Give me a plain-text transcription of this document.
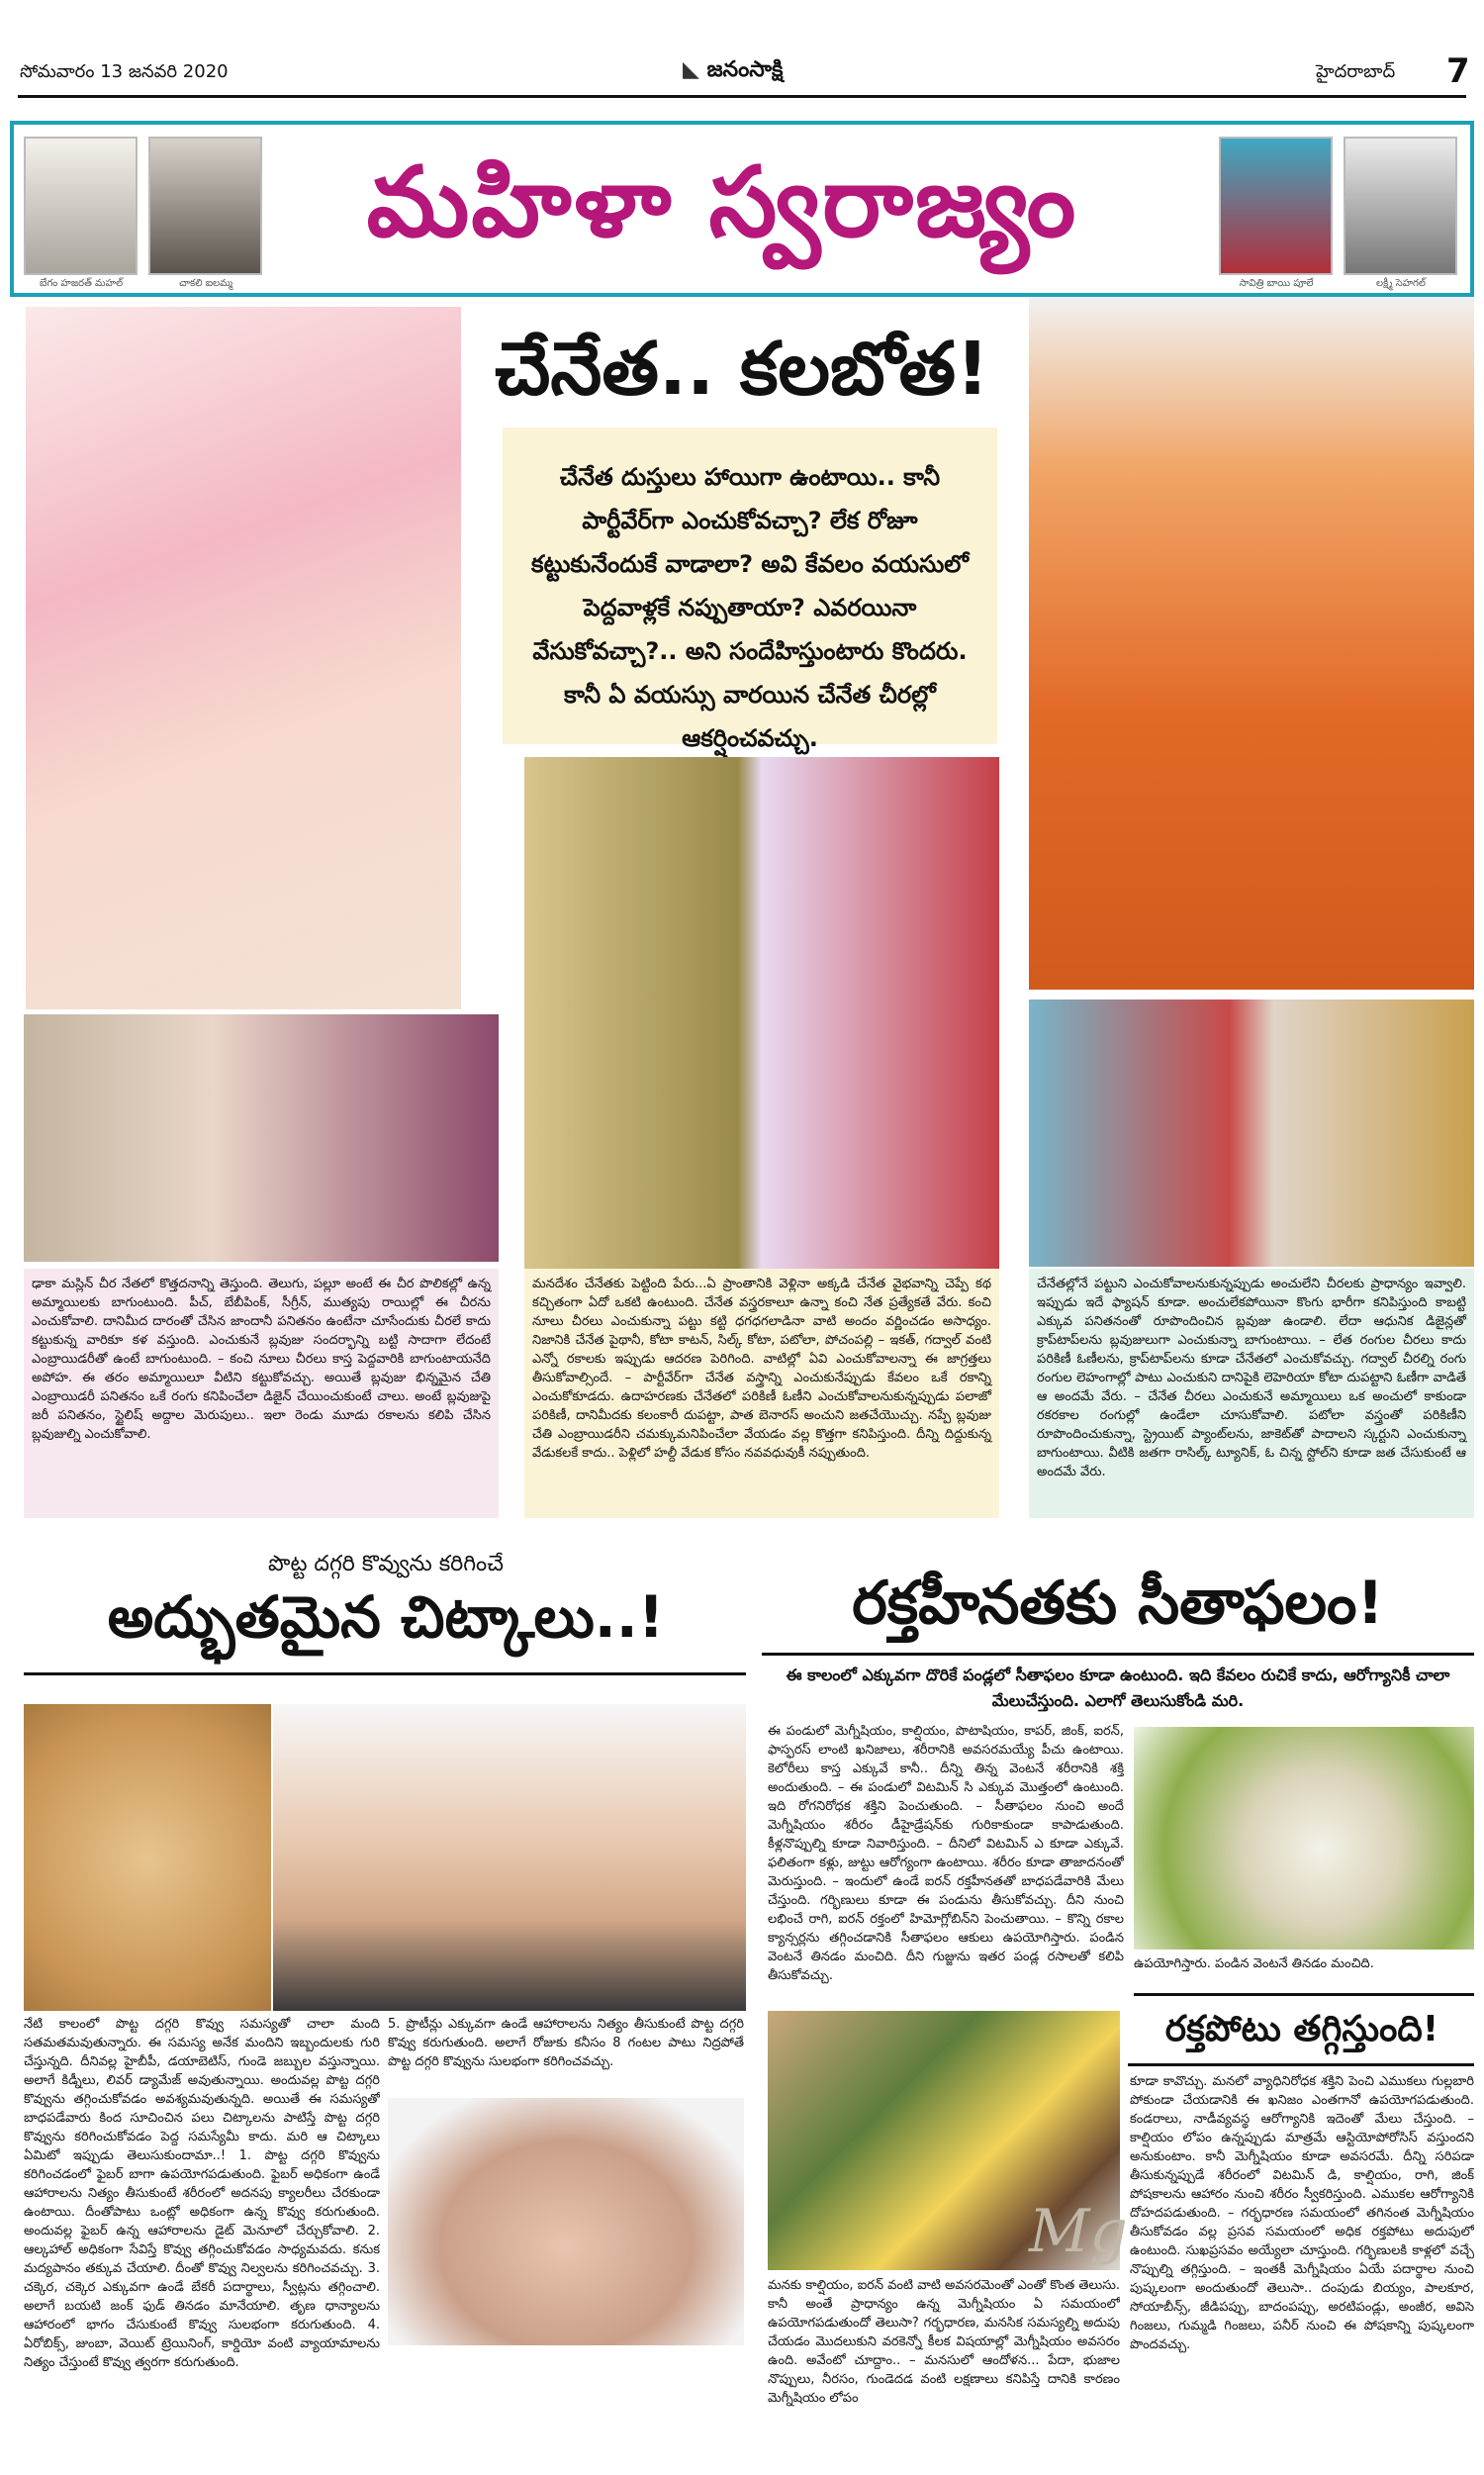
సోమవారం 13 జనవరి 2020	◣ జనంసాక్షి	హైదరాబాద్ 7
బేగం హజరత్ మహల్	చాకలి ఐలమ్మ
మహిళా స్వరాజ్యం
సావిత్రి బాయి పూలే	లక్ష్మీ సెహగల్
చేనేత.. కలబోత!
చేనేత దుస్తులు హాయిగా ఉంటాయి.. కానీ పార్టీవేర్‌గా ఎంచుకోవచ్చా? లేక రోజూ కట్టుకునేందుకే వాడాలా? అవి కేవలం వయసులో పెద్దవాళ్లకే నప్పుతాయా? ఎవరయినా వేసుకోవచ్చా?.. అని సందేహిస్తుంటారు కొందరు. కానీ ఏ వయస్సు వారయిన చేనేత చీరల్లో ఆకర్షించవచ్చు.
ఢాకా మస్లిన్ చీర నేతలో కొత్తదనాన్ని తెస్తుంది. తెలుగు, పల్లూ అంటే ఈ చీర పొలికల్లో ఉన్న అమ్మాయిలకు బాగుంటుంది. పీచ్, బేబీపింక్, సీగ్రీన్, ముత్యపు రాయిల్లో ఈ చీరను ఎంచుకోవాలి. దానిమీద దారంతో చేసిన జాందానీ పనితనం ఉంటేనా చూసేందుకు చీరలే కాదు కట్టుకున్న వారికూ కళ వస్తుంది. ఎంచుకునే బ్లవుజు సందర్భాన్ని బట్టి సాదాగా లేదంటే ఎంబ్రాయిడరీతో ఉంటే బాగుంటుంది. – కంచి నూలు చీరలు కాస్త పెద్దవారికి బాగుంటాయనేది అపోహ. ఈ తరం అమ్మాయిలూ వీటిని కట్టుకోవచ్చు. అయితే బ్లవుజు భిన్నమైన చేతి ఎంబ్రాయిడరీ పనితనం ఒకే రంగు కనిపించేలా డిజైన్ చేయించుకుంటే చాలు. అంటే బ్లవుజుపై జరీ పనితనం, స్టైలిష్ అద్దాల మెరుపులు.. ఇలా రెండు మూడు రకాలను కలిపి చేసిన బ్లవుజుల్ని ఎంచుకోవాలి.
మనదేశం చేనేతకు పెట్టింది పేరు...ఏ ప్రాంతానికి వెళ్లినా అక్కడి చేనేత వైభవాన్ని చెప్పే కథ కచ్చితంగా ఏదో ఒకటి ఉంటుంది. చేనేత వస్త్రరకాలూ ఉన్నా కంచి నేత ప్రత్యేకతే వేరు. కంచి నూలు చీరలు ఎంచుకున్నా పట్టు కట్టి ధగధగలాడినా వాటి అందం వర్ణించడం అసాధ్యం. నిజానికి చేనేత పైథానీ, కోటా కాటన్, సిల్క్ కోటా, పటోలా, పోచంపల్లి – ఇకత్, గద్వాల్ వంటి ఎన్నో రకాలకు ఇప్పుడు ఆదరణ పెరిగింది. వాటిల్లో ఏవి ఎంచుకోవాలన్నా ఈ జాగ్రత్తలు తీసుకోవాల్సిందే. – పార్టీవేర్‌గా చేనేత వస్త్రాన్ని ఎంచుకునేప్పుడు కేవలం ఒకే రకాన్ని ఎంచుకోకూడదు. ఉదాహరణకు చేనేతలో పరికిణీ ఓణీని ఎంచుకోవాలనుకున్నప్పుడు పలాజో పరికిణీ, దానిమీదకు కలంకారీ దుపట్టా, పాత బెనారస్ అంచుని జతచేయొచ్చు. నప్పే బ్లవుజు చేతి ఎంబ్రాయిడరీని చమక్కుమనిపించేలా వేయడం వల్ల కొత్తగా కనిపిస్తుంది. దీన్ని దిద్దుకున్న వేడుకలకే కాదు.. పెళ్లిలో హల్దీ వేడుక కోసం నవవధువుకీ నప్పుతుంది.
చేనేతల్లోనే పట్టుని ఎంచుకోవాలనుకున్నప్పుడు అంచులేని చీరలకు ప్రాధాన్యం ఇవ్వాలి. ఇప్పుడు ఇదే ఫ్యాషన్ కూడా. అంచులేకపోయినా కొంగు భారీగా కనిపిస్తుంది కాబట్టి ఎక్కువ పనితనంతో రూపొందించిన బ్లవుజు ఉండాలి. లేదా ఆధునిక డిజైన్లతో క్రాప్‌టాప్‌లను బ్లవుజులుగా ఎంచుకున్నా బాగుంటాయి. – లేత రంగుల చీరలు కాదు పరికిణీ ఓణీలను, క్రాప్‌టాప్‌లను కూడా చేనేతలో ఎంచుకోవచ్చు. గద్వాల్ చీరల్ని రంగు రంగుల లెహంగాల్లో పాటు ఎంచుకుని దానిపైకి లెహెరియా కోటా దుపట్టాని ఓణీగా వాడితే ఆ అందమే వేరు. – చేనేత చీరలు ఎంచుకునే అమ్మాయిలు ఒక అంచులో కాకుండా రకరకాల రంగుల్లో ఉండేలా చూసుకోవాలి. పటోలా వస్త్రంతో పరికిణీని రూపొందించుకున్నా, స్ట్రెయిట్ ప్యాంట్‌లను, జాకెట్‌తో పాదాలని స్కర్టుని ఎంచుకున్నా బాగుంటాయి. వీటికి జతగా రాసిల్క్ ట్యూనిక్, ఓ చిన్న స్టోల్‌ని కూడా జత చేసుకుంటే ఆ అందమే వేరు.
పొట్ట దగ్గరి కొవ్వును కరిగించే
అద్భుతమైన చిట్కాలు..!
నేటి కాలంలో పొట్ట దగ్గరి కొవ్వు సమస్యతో చాలా మంది సతమతమవుతున్నారు. ఈ సమస్య అనేక మందిని ఇబ్బందులకు గురి చేస్తున్నది. దీనివల్ల హైబీపీ, డయాబెటిస్, గుండె జబ్బుల వస్తున్నాయి. అలాగే కిడ్నీలు, లివర్ డ్యామేజ్ అవుతున్నాయి. అందువల్ల పొట్ట దగ్గరి కొవ్వును తగ్గించుకోవడం అవశ్యమవుతున్నది. అయితే ఈ సమస్యతో బాధపడేవారు కింద సూచించిన పలు చిట్కాలను పాటిస్తే పొట్ట దగ్గరి కొవ్వును కరిగించుకోవడం పెద్ద సమస్యేమీ కాదు. మరి ఆ చిట్కాలు ఏమిటో ఇప్పుడు తెలుసుకుందామా..! 1. పొట్ట దగ్గరి కొవ్వును కరిగించడంలో ఫైబర్ బాగా ఉపయోగపడుతుంది. ఫైబర్ అధికంగా ఉండే ఆహారాలను నిత్యం తీసుకుంటే శరీరంలో అదనపు క్యాలరీలు చేరకుండా ఉంటాయి. దీంతోపాటు ఒంట్లో అధికంగా ఉన్న కొవ్వు కరుగుతుంది. అందువల్ల ఫైబర్ ఉన్న ఆహారాలను డైట్ మెనూలో చేర్చుకోవాలి. 2. ఆల్కహాల్ అధికంగా సేవిస్తే కొవ్వు తగ్గించుకోవడం సాధ్యమవదు. కనుక మద్యపానం తక్కువ చేయాలి. దీంతో కొవ్వు నిల్వలను కరిగించవచ్చు. 3. చక్కెర, చక్కెర ఎక్కువగా ఉండే బేకరీ పదార్థాలు, స్వీట్లను తగ్గించాలి. అలాగే బయటి జంక్ ఫుడ్ తినడం మానేయాలి. తృణ ధాన్యాలను ఆహారంలో భాగం చేసుకుంటే కొవ్వు సులభంగా కరుగుతుంది. 4. ఏరోబిక్స్, జుంబా, వెయిట్ ట్రెయినింగ్, కార్డియో వంటి వ్యాయామాలను నిత్యం చేస్తుంటే కొవ్వు త్వరగా కరుగుతుంది.
5. ప్రొటీన్లు ఎక్కువగా ఉండే ఆహారాలను నిత్యం తీసుకుంటే పొట్ట దగ్గరి కొవ్వు కరుగుతుంది. అలాగే రోజుకు కనీసం 8 గంటల పాటు నిద్రపోతే పొట్ట దగ్గరి కొవ్వును సులభంగా కరిగించవచ్చు.
రక్తహీనతకు సీతాఫలం!
ఈ కాలంలో ఎక్కువగా దొరికే పండ్లలో సీతాఫలం కూడా ఉంటుంది. ఇది కేవలం రుచికే కాదు, ఆరోగ్యానికీ చాలా మేలుచేస్తుంది. ఎలాగో తెలుసుకోండి మరి.
ఈ పండులో మెగ్నీషియం, కాల్షియం, పొటాషియం, కాపర్, జింక్, ఐరన్, ఫాస్ఫరస్ లాంటి ఖనిజాలు, శరీరానికి అవసరమయ్యే పీచు ఉంటాయి. కెలోరీలు కాస్త ఎక్కువే కానీ.. దీన్ని తిన్న వెంటనే శరీరానికి శక్తి అందుతుంది. – ఈ పండులో విటమిన్ సి ఎక్కువ మొత్తంలో ఉంటుంది. ఇది రోగనిరోధక శక్తిని పెంచుతుంది. – సీతాఫలం నుంచి అందే మెగ్నీషియం శరీరం డీహైడ్రేషన్‌కు గురికాకుండా కాపాడుతుంది. కీళ్లనొప్పుల్ని కూడా నివారిస్తుంది. – దీనిలో విటమిన్ ఎ కూడా ఎక్కువే. ఫలితంగా కళ్లు, జుట్టు ఆరోగ్యంగా ఉంటాయి. శరీరం కూడా తాజాదనంతో మెరుస్తుంది. – ఇందులో ఉండే ఐరన్ రక్తహీనతతో బాధపడేవారికి మేలు చేస్తుంది. గర్భిణులు కూడా ఈ పండును తీసుకోవచ్చు. దీని నుంచి లభించే రాగి, ఐరన్ రక్తంలో హిమోగ్లోబిన్‌ని పెంచుతాయి. – కొన్ని రకాల క్యాన్సర్లను తగ్గించడానికి సీతాఫలం ఆకులు ఉపయోగిస్తారు. పండిన వెంటనే తినడం మంచిది. దీని గుజ్జును ఇతర పండ్ల రసాలతో కలిపి తీసుకోవచ్చు.
ఉపయోగిస్తారు. పండిన వెంటనే తినడం మంచిది.
Mg
రక్తపోటు తగ్గిస్తుంది!
మనకు కాల్షియం, ఐరన్ వంటి వాటి అవసరమెంతో ఎంతో కొంత తెలుసు. కానీ అంతే ప్రాధాన్యం ఉన్న మెగ్నీషియం ఏ సమయంలో ఉపయోగపడుతుందో తెలుసా? గర్భధారణ, మనసిక సమస్యల్ని అదుపు చేయడం మొదలుకుని వరకెన్నో కీలక విషయాల్లో మెగ్నీషియం అవసరం ఉంది. అవేంటో చూద్దాం.. – మనసులో ఆందోళన... పేదా, భుజాల నొప్పులు, నీరసం, గుండెదడ వంటి లక్షణాలు కనిపిస్తే దానికి కారణం మెగ్నీషియం లోపం
కూడా కావొచ్చు. మనలో వ్యాధినిరోధక శక్తిని పెంచి ఎముకలు గుల్లబారి పోకుండా చేయడానికి ఈ ఖనిజం ఎంతగానో ఉపయోగపడుతుంది. కండరాలు, నాడీవ్యవస్థ ఆరోగ్యానికి ఇదెంతో మేలు చేస్తుంది. – కాల్షియం లోపం ఉన్నప్పుడు మాత్రమే ఆస్టియోపోరోసిస్ వస్తుందని అనుకుంటాం. కానీ మెగ్నీషియం కూడా అవసరమే. దీన్ని సరిపడా తీసుకున్నప్పుడే శరీరంలో విటమిన్ డి, కాల్షియం, రాగి, జింక్ పోషకాలను ఆహారం నుంచి శరీరం స్వీకరిస్తుంది. ఎముకల ఆరోగ్యానికి దోహదపడుతుంది. – గర్భధారణ సమయంలో తగినంత మెగ్నీషియం తీసుకోవడం వల్ల ప్రసవ సమయంలో అధిక రక్తపోటు అదుపులో ఉంటుంది. సుఖప్రసవం అయ్యేలా చూస్తుంది. గర్భిణులకి కాళ్లలో వచ్చే నొప్పుల్ని తగ్గిస్తుంది. – ఇంతకీ మెగ్నీషియం ఏయే పదార్థాల నుంచి పుష్కలంగా అందుతుందో తెలుసా.. దంపుడు బియ్యం, పాలకూర, సోయాబీన్స్, జీడిపప్పు, బాదంపప్పు, అరటిపండ్లు, అంజీర, అవిసె గింజలు, గుమ్మడి గింజలు, పనీర్ నుంచి ఈ పోషకాన్ని పుష్కలంగా పొందవచ్చు.
